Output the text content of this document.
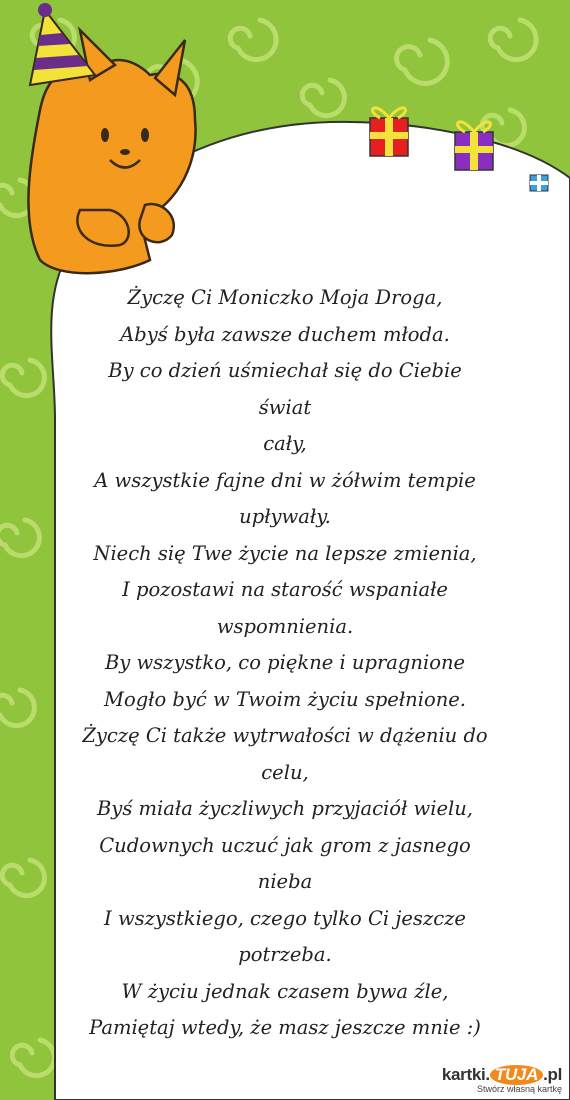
Życzę Ci Moniczko Moja Droga,
Abyś była zawsze duchem młoda.
By co dzień uśmiechał się do Ciebie świat
cały,
A wszystkie fajne dni w żółwim tempie
upływały.
Niech się Twe życie na lepsze zmienia,
I pozostawi na starość wspaniałe
wspomnienia.
By wszystko, co piękne i upragnione
Mogło być w Twoim życiu spełnione.
Życzę Ci także wytrwałości w dążeniu do
celu,
Byś miała życzliwych przyjaciół wielu,
Cudownych uczuć jak grom z jasnego
nieba
I wszystkiego, czego tylko Ci jeszcze
potrzeba.
W życiu jednak czasem bywa źle,
Pamiętaj wtedy, że masz jeszcze mnie :)
kartki. TUJA .pl
Stwórz własną kartkę
